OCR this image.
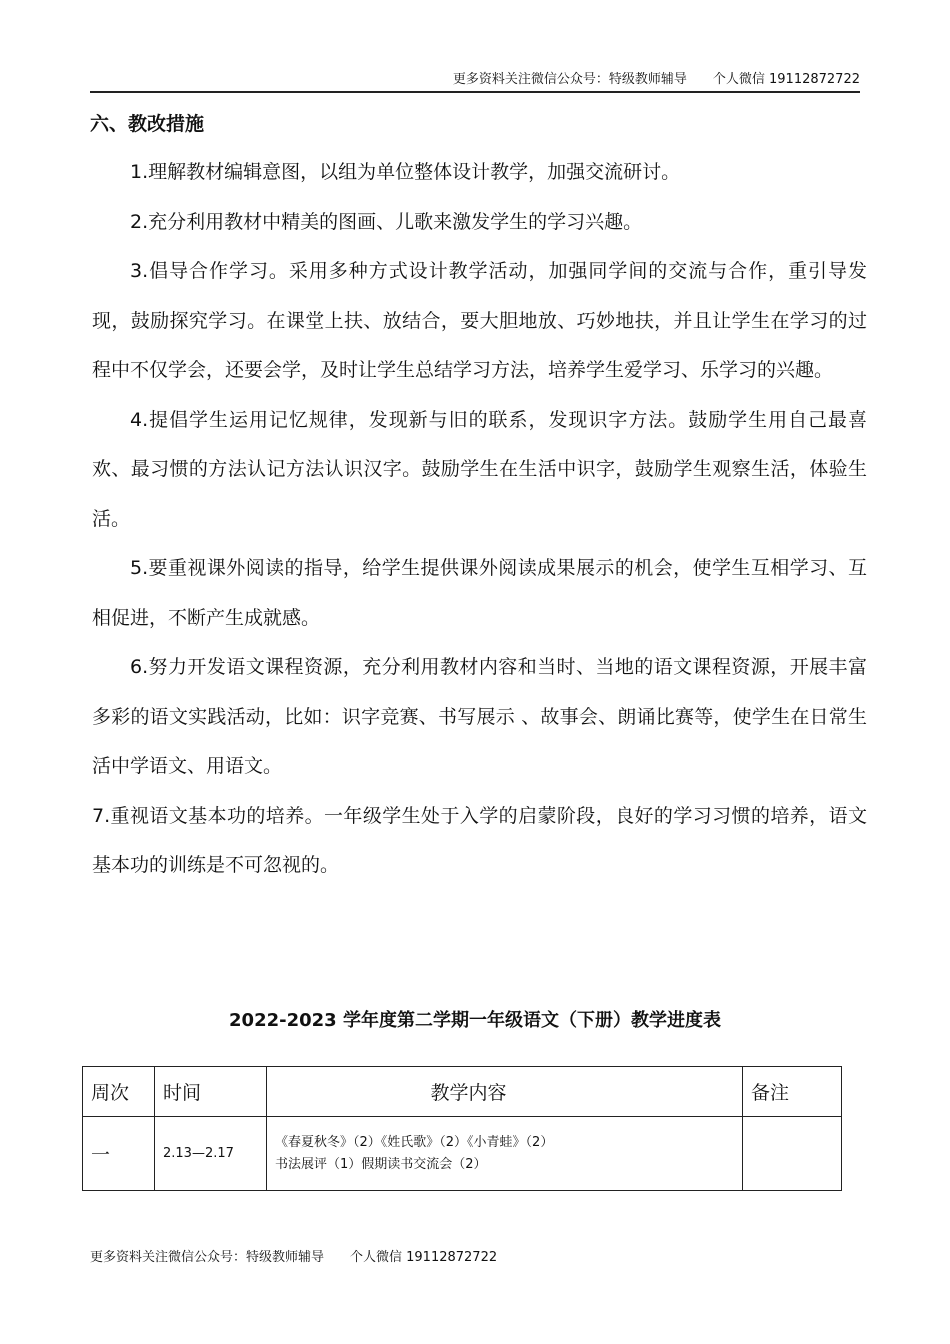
更多资料关注微信公众号：特级教师辅导　　个人微信 19112872722
六、教改措施

1.理解教材编辑意图，以组为单位整体设计教学，加强交流研讨。

2.充分利用教材中精美的图画、儿歌来激发学生的学习兴趣。

3.倡导合作学习。采用多种方式设计教学活动，加强同学间的交流与合作，重引导发现，鼓励探究学习。在课堂上扶、放结合，要大胆地放、巧妙地扶，并且让学生在学习的过程中不仅学会，还要会学，及时让学生总结学习方法，培养学生爱学习、乐学习的兴趣。

4.提倡学生运用记忆规律，发现新与旧的联系，发现识字方法。鼓励学生用自己最喜欢、最习惯的方法认记方法认识汉字。鼓励学生在生活中识字，鼓励学生观察生活，体验生活。

5.要重视课外阅读的指导，给学生提供课外阅读成果展示的机会，使学生互相学习、互相促进，不断产生成就感。

6.努力开发语文课程资源，充分利用教材内容和当时、当地的语文课程资源，开展丰富多彩的语文实践活动，比如：识字竞赛、书写展示 、故事会、朗诵比赛等，使学生在日常生活中学语文、用语文。

7.重视语文基本功的培养。一年级学生处于入学的启蒙阶段，良好的学习习惯的培养，语文基本功的训练是不可忽视的。

2022-2023 学年度第二学期一年级语文（下册）教学进度表
周次	时间	教学内容	备注
一	2.13—2.17	《春夏秋冬》（2）《姓氏歌》（2）《小青蛙》（2）
书法展评（1）假期读书交流会（2）	

更多资料关注微信公众号：特级教师辅导　　个人微信 19112872722
